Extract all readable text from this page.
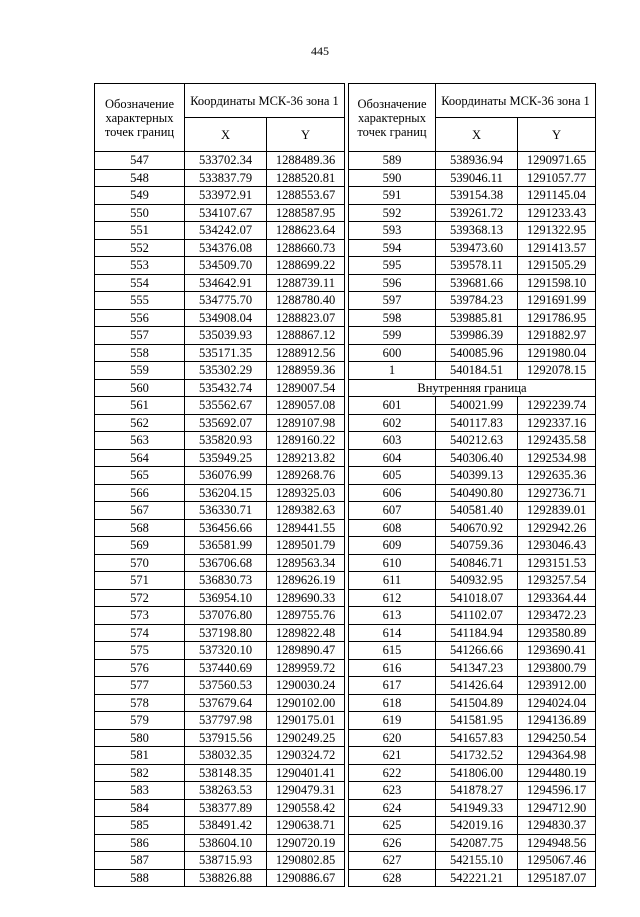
445
Обозначение характерных точек границ	Координаты МСК-36 зона 1	
	X	Y
547	533702.34	1288489.36
548	533837.79	1288520.81
549	533972.91	1288553.67
550	534107.67	1288587.95
551	534242.07	1288623.64
552	534376.08	1288660.73
553	534509.70	1288699.22
554	534642.91	1288739.11
555	534775.70	1288780.40
556	534908.04	1288823.07
557	535039.93	1288867.12
558	535171.35	1288912.56
559	535302.29	1288959.36
560	535432.74	1289007.54
561	535562.67	1289057.08
562	535692.07	1289107.98
563	535820.93	1289160.22
564	535949.25	1289213.82
565	536076.99	1289268.76
566	536204.15	1289325.03
567	536330.71	1289382.63
568	536456.66	1289441.55
569	536581.99	1289501.79
570	536706.68	1289563.34
571	536830.73	1289626.19
572	536954.10	1289690.33
573	537076.80	1289755.76
574	537198.80	1289822.48
575	537320.10	1289890.47
576	537440.69	1289959.72
577	537560.53	1290030.24
578	537679.64	1290102.00
579	537797.98	1290175.01
580	537915.56	1290249.25
581	538032.35	1290324.72
582	538148.35	1290401.41
583	538263.53	1290479.31
584	538377.89	1290558.42
585	538491.42	1290638.71
586	538604.10	1290720.19
587	538715.93	1290802.85
588	538826.88	1290886.67
Обозначение характерных точек границ	Координаты МСК-36 зона 1	
	X	Y
589	538936.94	1290971.65
590	539046.11	1291057.77
591	539154.38	1291145.04
592	539261.72	1291233.43
593	539368.13	1291322.95
594	539473.60	1291413.57
595	539578.11	1291505.29
596	539681.66	1291598.10
597	539784.23	1291691.99
598	539885.81	1291786.95
599	539986.39	1291882.97
600	540085.96	1291980.04
1	540184.51	1292078.15
Внутренняя граница		
601	540021.99	1292239.74
602	540117.83	1292337.16
603	540212.63	1292435.58
604	540306.40	1292534.98
605	540399.13	1292635.36
606	540490.80	1292736.71
607	540581.40	1292839.01
608	540670.92	1292942.26
609	540759.36	1293046.43
610	540846.71	1293151.53
611	540932.95	1293257.54
612	541018.07	1293364.44
613	541102.07	1293472.23
614	541184.94	1293580.89
615	541266.66	1293690.41
616	541347.23	1293800.79
617	541426.64	1293912.00
618	541504.89	1294024.04
619	541581.95	1294136.89
620	541657.83	1294250.54
621	541732.52	1294364.98
622	541806.00	1294480.19
623	541878.27	1294596.17
624	541949.33	1294712.90
625	542019.16	1294830.37
626	542087.75	1294948.56
627	542155.10	1295067.46
628	542221.21	1295187.07
